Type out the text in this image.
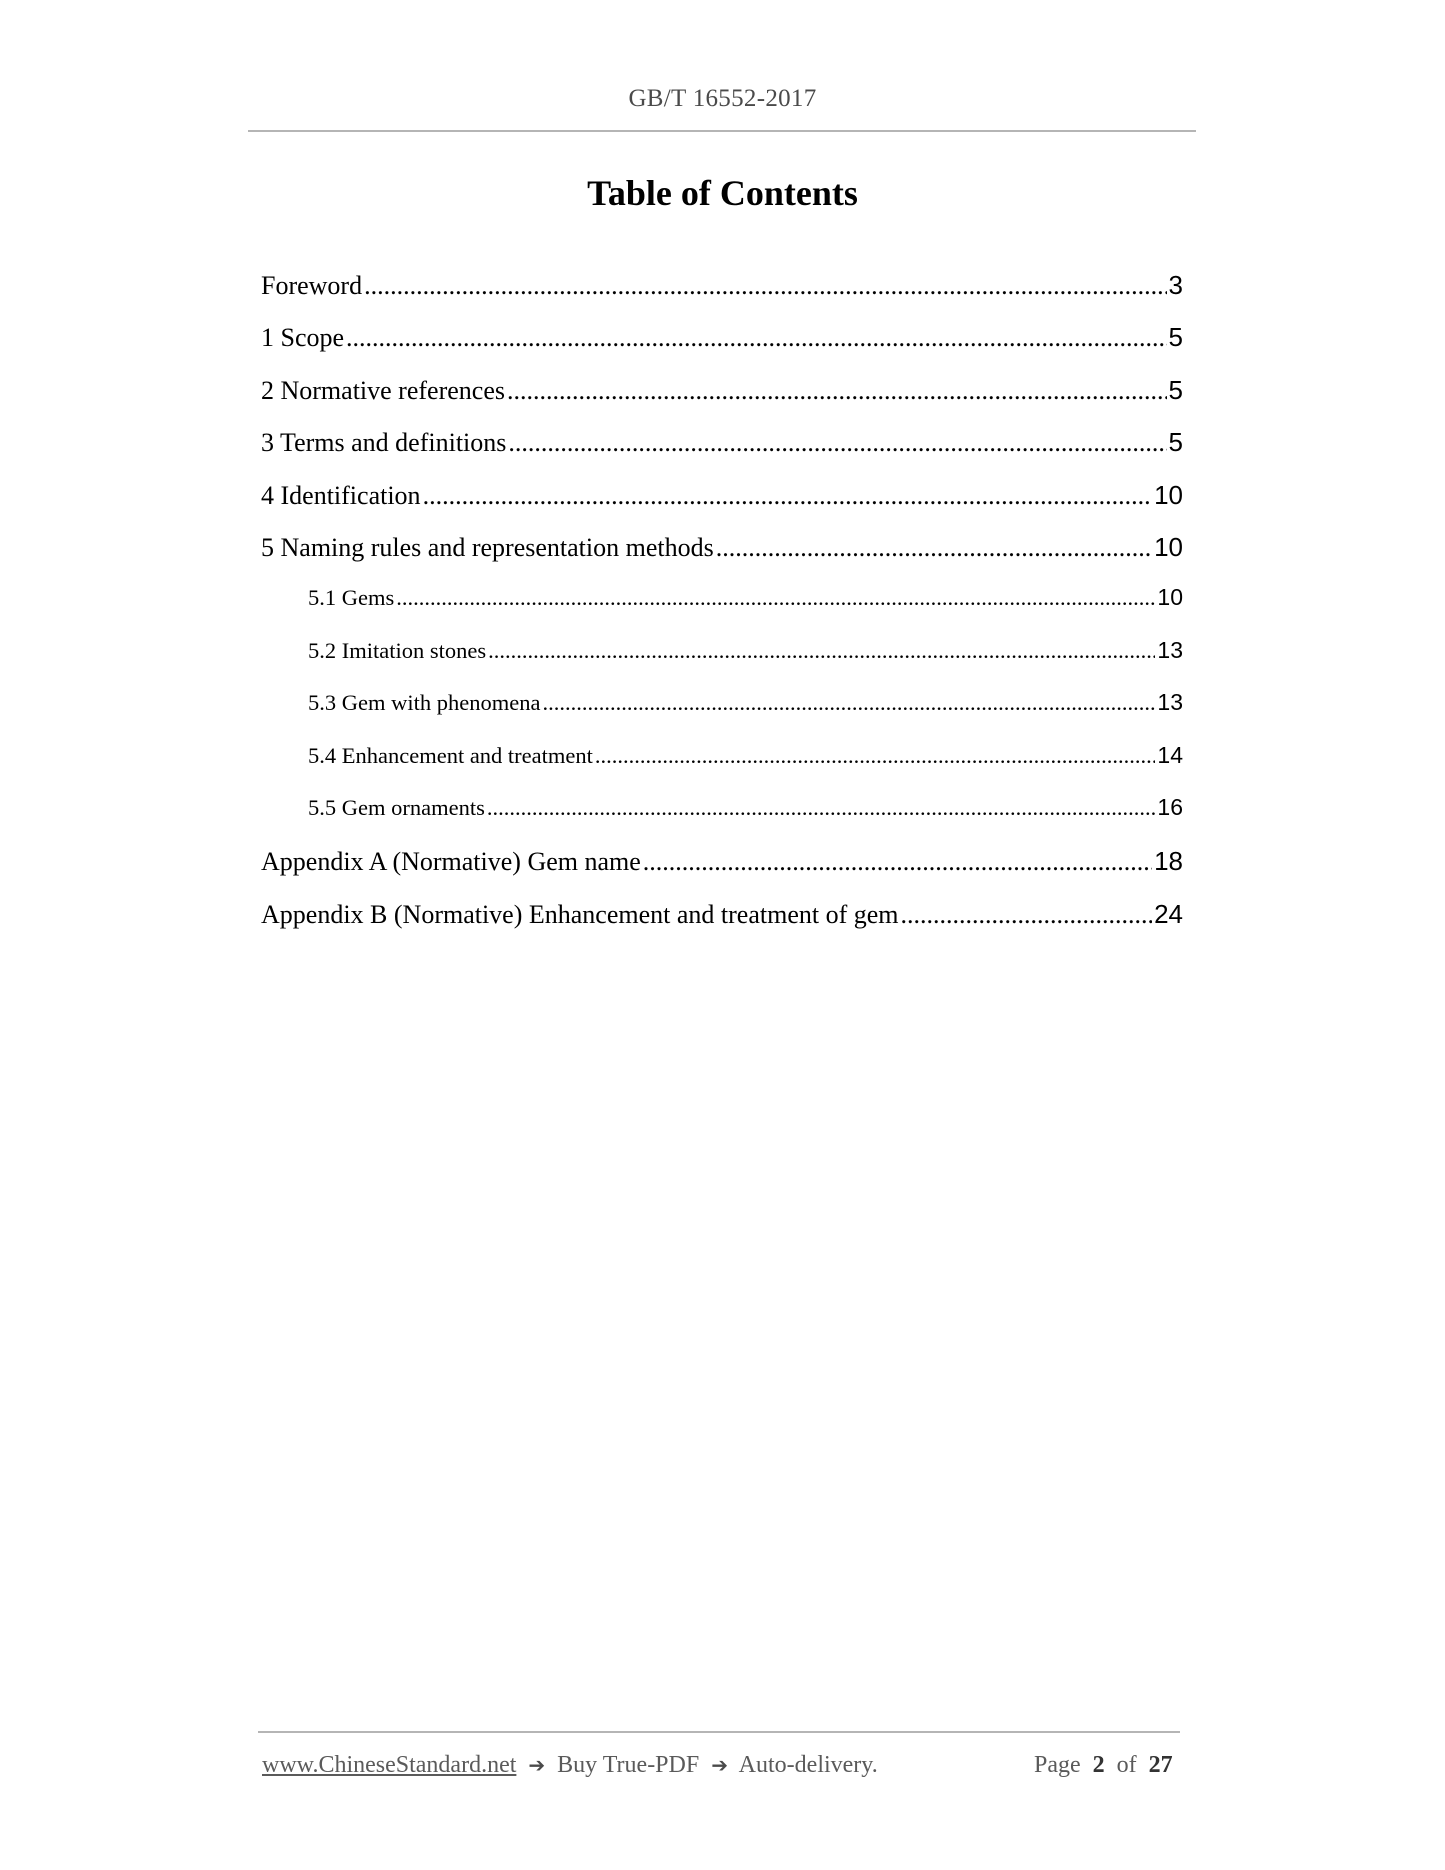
GB/T 16552-2017
Table of Contents
Foreword .....	3
1 Scope .....	5
2 Normative references .....	5
3 Terms and definitions .....	5
4 Identification .....	10
5 Naming rules and representation methods .....	10
5.1 Gems .....	10
5.2 Imitation stones .....	13
5.3 Gem with phenomena .....	13
5.4 Enhancement and treatment .....	14
5.5 Gem ornaments .....	16
Appendix A (Normative) Gem name .....	18
Appendix B (Normative) Enhancement and treatment of gem .....	24
www.ChineseStandard.net ➔ Buy True-PDF ➔ Auto-delivery.	Page 2 of 27
